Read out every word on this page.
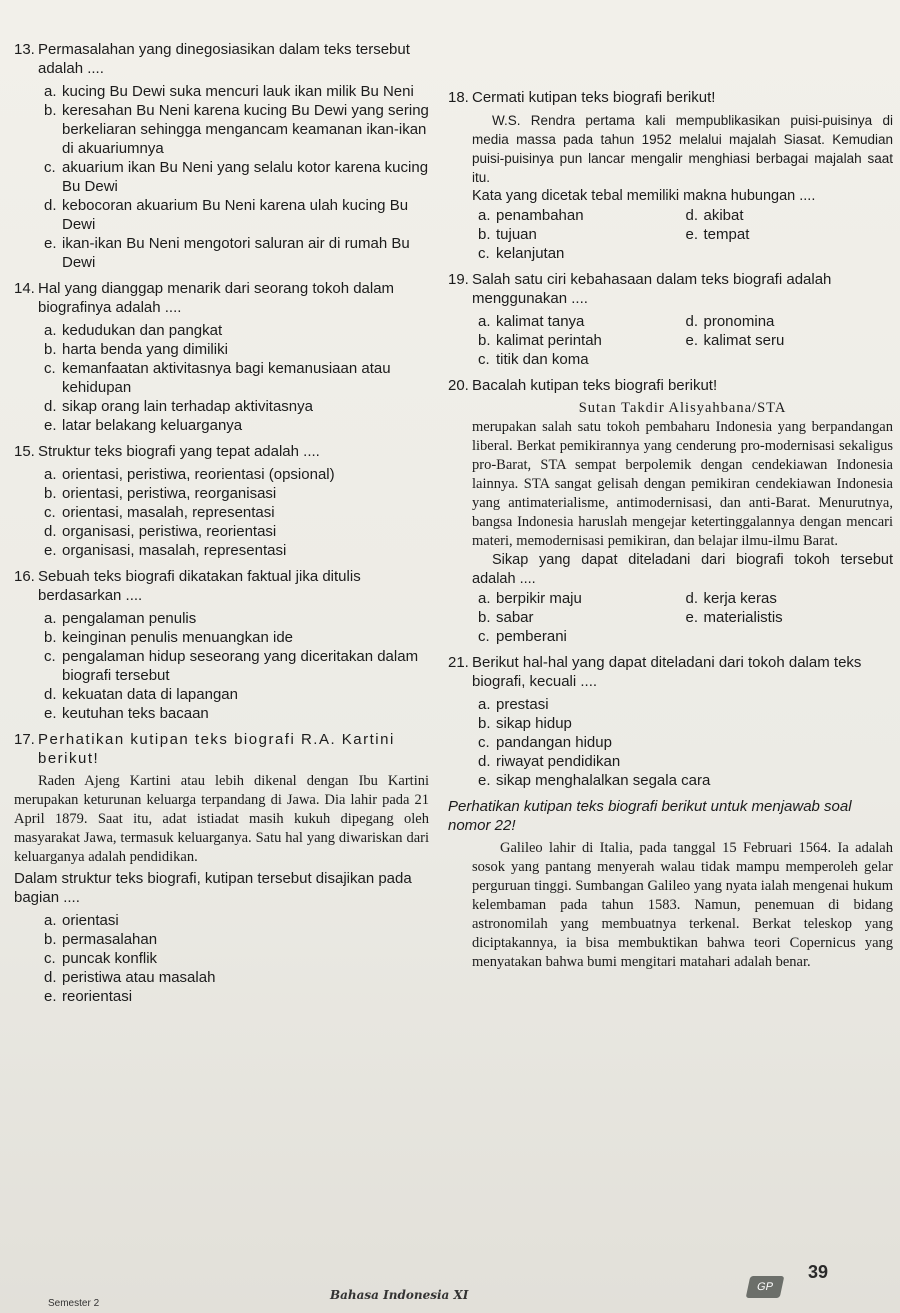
13. Permasalahan yang dinegosiasikan dalam teks tersebut adalah ....
a. kucing Bu Dewi suka mencuri lauk ikan milik Bu Neni
b. keresahan Bu Neni karena kucing Bu Dewi yang sering berkeliaran sehingga mengancam keamanan ikan-ikan di akuariumnya
c. akuarium ikan Bu Neni yang selalu kotor karena kucing Bu Dewi
d. kebocoran akuarium Bu Neni karena ulah kucing Bu Dewi
e. ikan-ikan Bu Neni mengotori saluran air di rumah Bu Dewi
14. Hal yang dianggap menarik dari seorang tokoh dalam biografinya adalah ....
a. kedudukan dan pangkat
b. harta benda yang dimiliki
c. kemanfaatan aktivitasnya bagi kemanusiaan atau kehidupan
d. sikap orang lain terhadap aktivitasnya
e. latar belakang keluarganya
15. Struktur teks biografi yang tepat adalah ....
a. orientasi, peristiwa, reorientasi (opsional)
b. orientasi, peristiwa, reorganisasi
c. orientasi, masalah, representasi
d. organisasi, peristiwa, reorientasi
e. organisasi, masalah, representasi
16. Sebuah teks biografi dikatakan faktual jika ditulis berdasarkan ....
a. pengalaman penulis
b. keinginan penulis menuangkan ide
c. pengalaman hidup seseorang yang diceritakan dalam biografi tersebut
d. kekuatan data di lapangan
e. keutuhan teks bacaan
17. Perhatikan kutipan teks biografi R.A. Kartini berikut!
Raden Ajeng Kartini atau lebih dikenal dengan Ibu Kartini merupakan keturunan keluarga terpandang di Jawa. Dia lahir pada 21 April 1879. Saat itu, adat istiadat masih kukuh dipegang oleh masyarakat Jawa, termasuk keluarganya. Satu hal yang diwariskan dari keluarganya adalah pendidikan.
Dalam struktur teks biografi, kutipan tersebut disajikan pada bagian ....
a. orientasi
b. permasalahan
c. puncak konflik
d. peristiwa atau masalah
e. reorientasi
18. Cermati kutipan teks biografi berikut!
W.S. Rendra pertama kali mempublikasikan puisi-puisinya di media massa pada tahun 1952 melalui majalah Siasat. Kemudian puisi-puisinya pun lancar mengalir menghiasi berbagai majalah saat itu.
Kata yang dicetak tebal memiliki makna hubungan ....
a. penambahan	d. akibat
b. tujuan	e. tempat
c. kelanjutan
19. Salah satu ciri kebahasaan dalam teks biografi adalah menggunakan ....
a. kalimat tanya	d. pronomina
b. kalimat perintah	e. kalimat seru
c. titik dan koma
20. Bacalah kutipan teks biografi berikut!
Sutan Takdir Alisyahbana/STA
merupakan salah satu tokoh pembaharu Indonesia yang berpandangan liberal. Berkat pemikirannya yang cenderung pro-modernisasi sekaligus pro-Barat, STA sempat berpolemik dengan cendekiawan Indonesia lainnya. STA sangat gelisah dengan pemikiran cendekiawan Indonesia yang antimaterialisme, antimodernisasi, dan anti-Barat. Menurutnya, bangsa Indonesia haruslah mengejar ketertinggalannya dengan mencari materi, memodernisasi pemikiran, dan belajar ilmu-ilmu Barat.
Sikap yang dapat diteladani dari biografi tokoh tersebut adalah ....
a. berpikir maju	d. kerja keras
b. sabar	e. materialistis
c. pemberani
21. Berikut hal-hal yang dapat diteladani dari tokoh dalam teks biografi, kecuali ....
a. prestasi
b. sikap hidup
c. pandangan hidup
d. riwayat pendidikan
e. sikap menghalalkan segala cara
Perhatikan kutipan teks biografi berikut untuk menjawab soal nomor 22!
Galileo lahir di Italia, pada tanggal 15 Februari 1564. Ia adalah sosok yang pantang menyerah walau tidak mampu memperoleh gelar perguruan tinggi. Sumbangan Galileo yang nyata ialah mengenai hukum kelembaman pada tahun 1583. Namun, penemuan di bidang astronomilah yang membuatnya terkenal. Berkat teleskop yang diciptakannya, ia bisa membuktikan bahwa teori Copernicus yang menyatakan bahwa bumi mengitari matahari adalah benar.
Bahasa Indonesia XI
GP
39
Semester 2
